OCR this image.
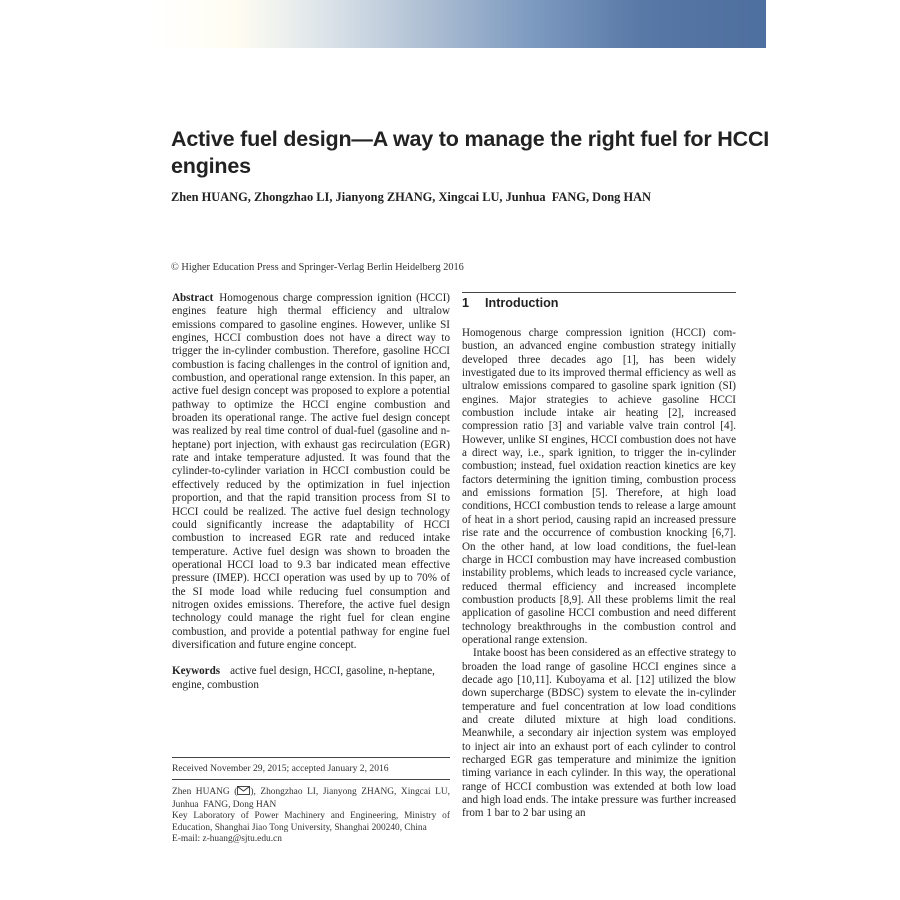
Active fuel design—A way to manage the right fuel for HCCI engines
Zhen HUANG, Zhongzhao LI, Jianyong ZHANG, Xingcai LU, Junhua  FANG, Dong HAN
© Higher Education Press and Springer-Verlag Berlin Heidelberg 2016

Abstract Homogenous charge compression ignition (HCCI) engines feature high thermal efficiency and ultralow emissions compared to gasoline engines. However, unlike SI engines, HCCI combustion does not have a direct way to trigger the in-cylinder combustion. Therefore, gasoline HCCI combustion is facing challenges in the control of ignition and, combustion, and operational range extension. In this paper, an active fuel design concept was proposed to explore a potential pathway to optimize the HCCI engine combustion and broaden its operational range. The active fuel design concept was realized by real time control of dual-fuel (gasoline and n-heptane) port injection, with exhaust gas recirculation (EGR) rate and intake temperature adjusted. It was found that the cylinder-to-cylinder variation in HCCI combustion could be effectively reduced by the optimization in fuel injection proportion, and that the rapid transition process from SI to HCCI could be realized. The active fuel design technology could significantly increase the adaptability of HCCI combustion to increased EGR rate and reduced intake temperature. Active fuel design was shown to broaden the operational HCCI load to 9.3 bar indicated mean effective pressure (IMEP). HCCI operation was used by up to 70% of the SI mode load while reducing fuel consumption and nitrogen oxides emissions. Therefore, the active fuel design technology could manage the right fuel for clean engine combustion, and provide a potential pathway for engine fuel diversification and future engine concept.

Keywords active fuel design, HCCI, gasoline, n-heptane, engine, combustion

Received November 29, 2015; accepted January 2, 2016
Zhen HUANG ( ), Zhongzhao LI, Jianyong ZHANG, Xingcai LU, Junhua  FANG, Dong HAN
Key Laboratory of Power Machinery and Engineering, Ministry of Education, Shanghai Jiao Tong University, Shanghai 200240, China
E-mail: z-huang@sjtu.edu.cn
1 Introduction

Homogenous charge compression ignition (HCCI) combustion, an advanced engine combustion strategy initially developed three decades ago [1], has been widely investigated due to its improved thermal efficiency as well as ultralow emissions compared to gasoline spark ignition (SI) engines. Major strategies to achieve gasoline HCCI combustion include intake air heating [2], increased compression ratio [3] and variable valve train control [4]. However, unlike SI engines, HCCI combustion does not have a direct way, i.e., spark ignition, to trigger the in-cylinder combustion; instead, fuel oxidation reaction kinetics are key factors determining the ignition timing, combustion process and emissions formation [5]. Therefore, at high load conditions, HCCI combustion tends to release a large amount of heat in a short period, causing rapid an increased pressure rise rate and the occurrence of combustion knocking [6,7]. On the other hand, at low load conditions, the fuel-lean charge in HCCI combustion may have increased combustion instability problems, which leads to increased cycle variance, reduced thermal efficiency and increased incomplete combustion products [8,9]. All these problems limit the real application of gasoline HCCI combustion and need different technology breakthroughs in the combustion control and operational range extension.

Intake boost has been considered as an effective strategy to broaden the load range of gasoline HCCI engines since a decade ago [10,11]. Kuboyama et al. [12] utilized the blow down supercharge (BDSC) system to elevate the in-cylinder temperature and fuel concentration at low load conditions and create diluted mixture at high load conditions. Meanwhile, a secondary air injection system was employed to inject air into an exhaust port of each cylinder to control recharged EGR gas temperature and minimize the ignition timing variance in each cylinder. In this way, the operational range of HCCI combustion was extended at both low load and high load ends. The intake pressure was further increased from 1 bar to 2 bar using an
